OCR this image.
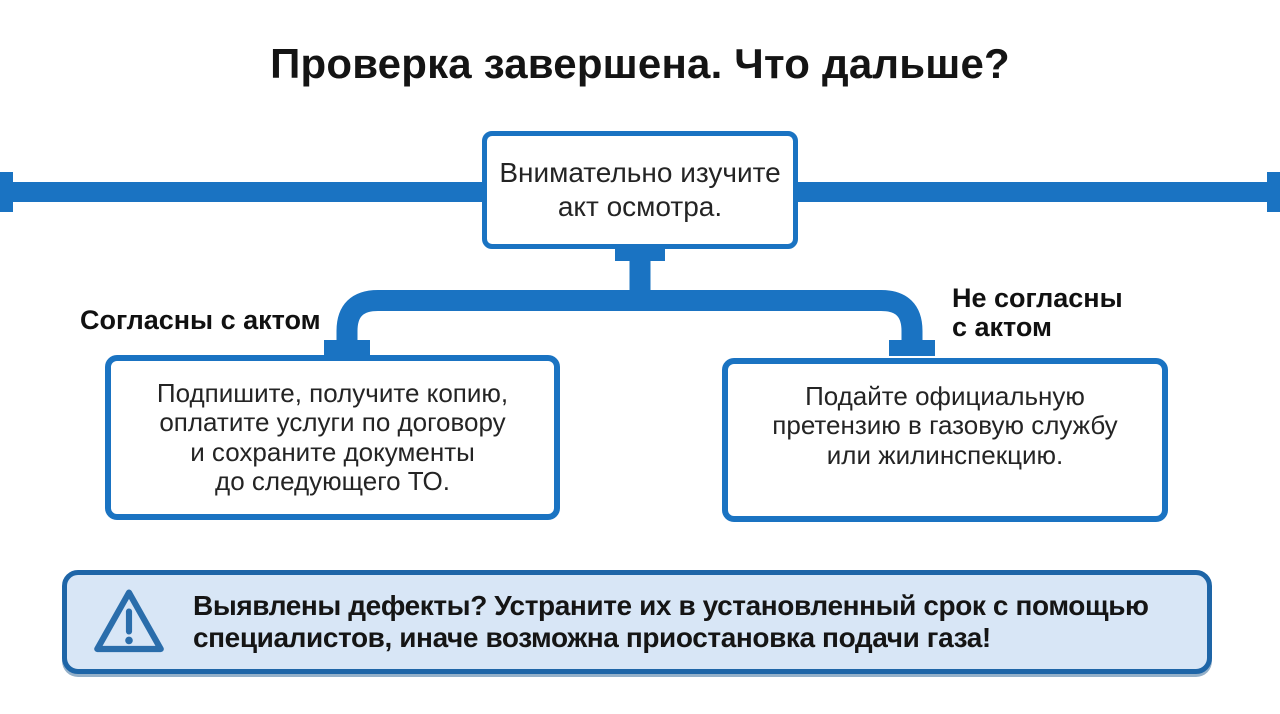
Проверка завершена. Что дальше?
Внимательно изучите
акт осмотра.
Согласны с актом
Не согласны
с актом
Подпишите, получите копию,
оплатите услуги по договору
и сохраните документы
до следующего ТО.
Подайте официальную
претензию в газовую службу
или жилинспекцию.
Выявлены дефекты? Устраните их в установленный срок с помощью
специалистов, иначе возможна приостановка подачи газа!
